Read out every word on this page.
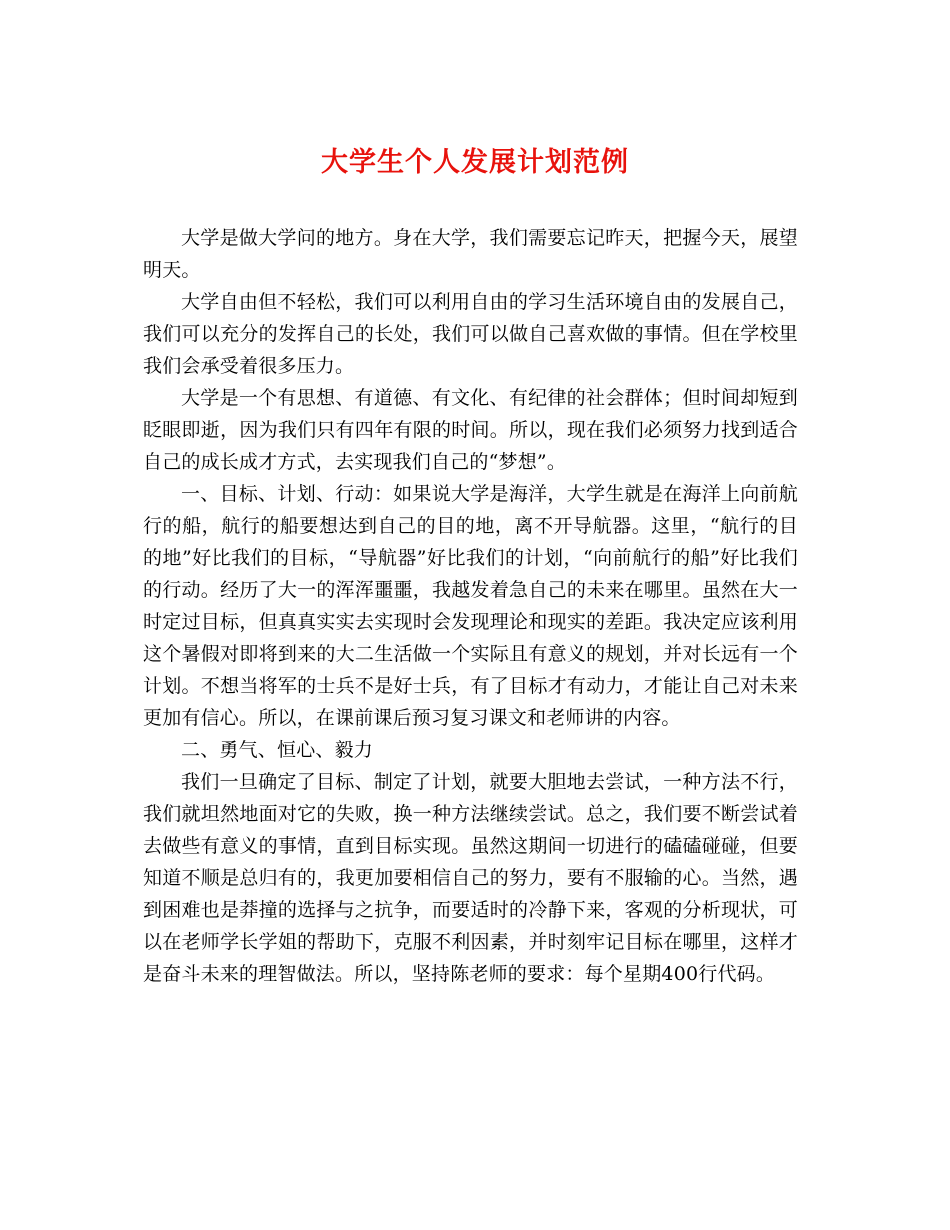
大学生个人发展计划范例

大学是做大学问的地方。身在大学，我们需要忘记昨天，把握今天，展望明天。

大学自由但不轻松，我们可以利用自由的学习生活环境自由的发展自己，我们可以充分的发挥自己的长处，我们可以做自己喜欢做的事情。但在学校里我们会承受着很多压力。

大学是一个有思想、有道德、有文化、有纪律的社会群体；但时间却短到眨眼即逝，因为我们只有四年有限的时间。所以，现在我们必须努力找到适合自己的成长成才方式，去实现我们自己的“梦想”。

一、目标、计划、行动：如果说大学是海洋，大学生就是在海洋上向前航行的船，航行的船要想达到自己的目的地，离不开导航器。这里，“航行的目的地”好比我们的目标，“导航器”好比我们的计划，“向前航行的船”好比我们的行动。经历了大一的浑浑噩噩，我越发着急自己的未来在哪里。虽然在大一时定过目标，但真真实实去实现时会发现理论和现实的差距。我决定应该利用这个暑假对即将到来的大二生活做一个实际且有意义的规划，并对长远有一个计划。不想当将军的士兵不是好士兵，有了目标才有动力，才能让自己对未来更加有信心。所以，在课前课后预习复习课文和老师讲的内容。

二、勇气、恒心、毅力

我们一旦确定了目标、制定了计划，就要大胆地去尝试，一种方法不行，我们就坦然地面对它的失败，换一种方法继续尝试。总之，我们要不断尝试着去做些有意义的事情，直到目标实现。虽然这期间一切进行的磕磕碰碰，但要知道不顺是总归有的，我更加要相信自己的努力，要有不服输的心。当然，遇到困难也是莽撞的选择与之抗争，而要适时的冷静下来，客观的分析现状，可以在老师学长学姐的帮助下，克服不利因素，并时刻牢记目标在哪里，这样才是奋斗未来的理智做法。所以，坚持陈老师的要求：每个星期400行代码。
